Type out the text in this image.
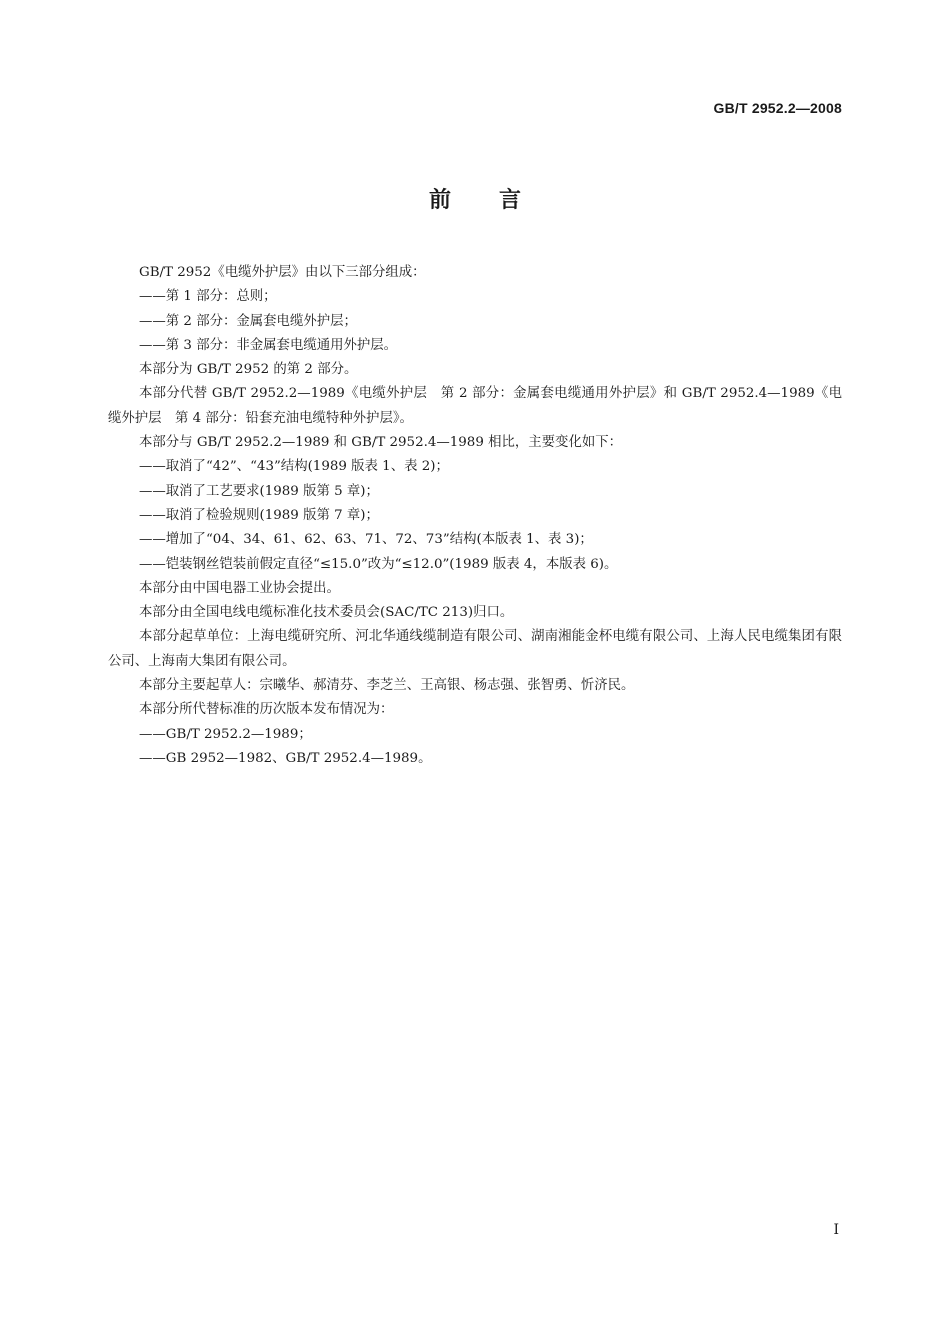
GB/T 2952.2—2008
前言

GB/T 2952《电缆外护层》由以下三部分组成：

——第 1 部分：总则；

——第 2 部分：金属套电缆外护层；

——第 3 部分：非金属套电缆通用外护层。

本部分为 GB/T 2952 的第 2 部分。

本部分代替 GB/T 2952.2—1989《电缆外护层　第 2 部分：金属套电缆通用外护层》和 GB/T 2952.4—1989《电缆外护层　第 4 部分：铅套充油电缆特种外护层》。

本部分与 GB/T 2952.2—1989 和 GB/T 2952.4—1989 相比，主要变化如下：

——取消了“42”、“43”结构(1989 版表 1、表 2)；

——取消了工艺要求(1989 版第 5 章)；

——取消了检验规则(1989 版第 7 章)；

——增加了“04、34、61、62、63、71、72、73”结构(本版表 1、表 3)；

——铠装钢丝铠装前假定直径“≤15.0”改为“≤12.0”(1989 版表 4，本版表 6)。

本部分由中国电器工业协会提出。

本部分由全国电线电缆标准化技术委员会(SAC/TC 213)归口。

本部分起草单位：上海电缆研究所、河北华通线缆制造有限公司、湖南湘能金杯电缆有限公司、上海人民电缆集团有限公司、上海南大集团有限公司。

本部分主要起草人：宗曦华、郝清芬、李芝兰、王高银、杨志强、张智勇、忻济民。

本部分所代替标准的历次版本发布情况为：

——GB/T 2952.2—1989；

——GB 2952—1982、GB/T 2952.4—1989。

I
